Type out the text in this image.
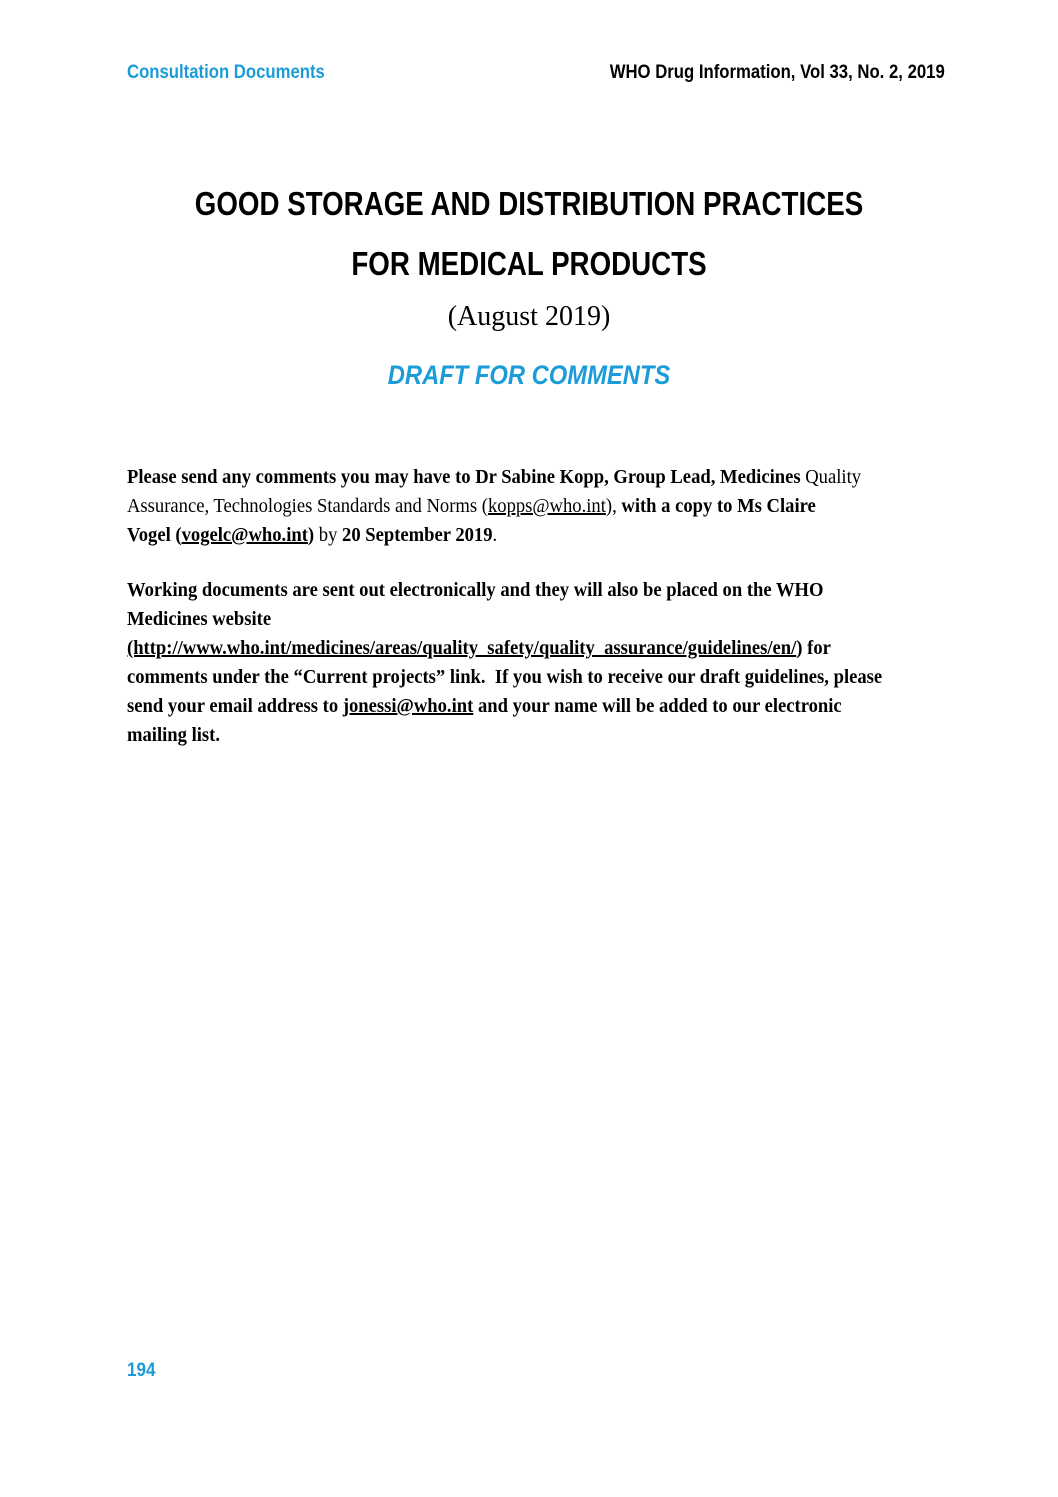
Consultation Documents	WHO Drug Information, Vol 33, No. 2, 2019
GOOD STORAGE AND DISTRIBUTION PRACTICES
FOR MEDICAL PRODUCTS
(August 2019)
DRAFT FOR COMMENTS

Please send any comments you may have to Dr Sabine Kopp, Group Lead, Medicines Quality
Assurance, Technologies Standards and Norms (kopps@who.int), with a copy to Ms Claire
Vogel (vogelc@who.int) by 20 September 2019.

Working documents are sent out electronically and they will also be placed on the WHO
Medicines website
(http://www.who.int/medicines/areas/quality_safety/quality_assurance/guidelines/en/) for
comments under the “Current projects” link.  If you wish to receive our draft guidelines, please
send your email address to jonessi@who.int and your name will be added to our electronic
mailing list.

194
